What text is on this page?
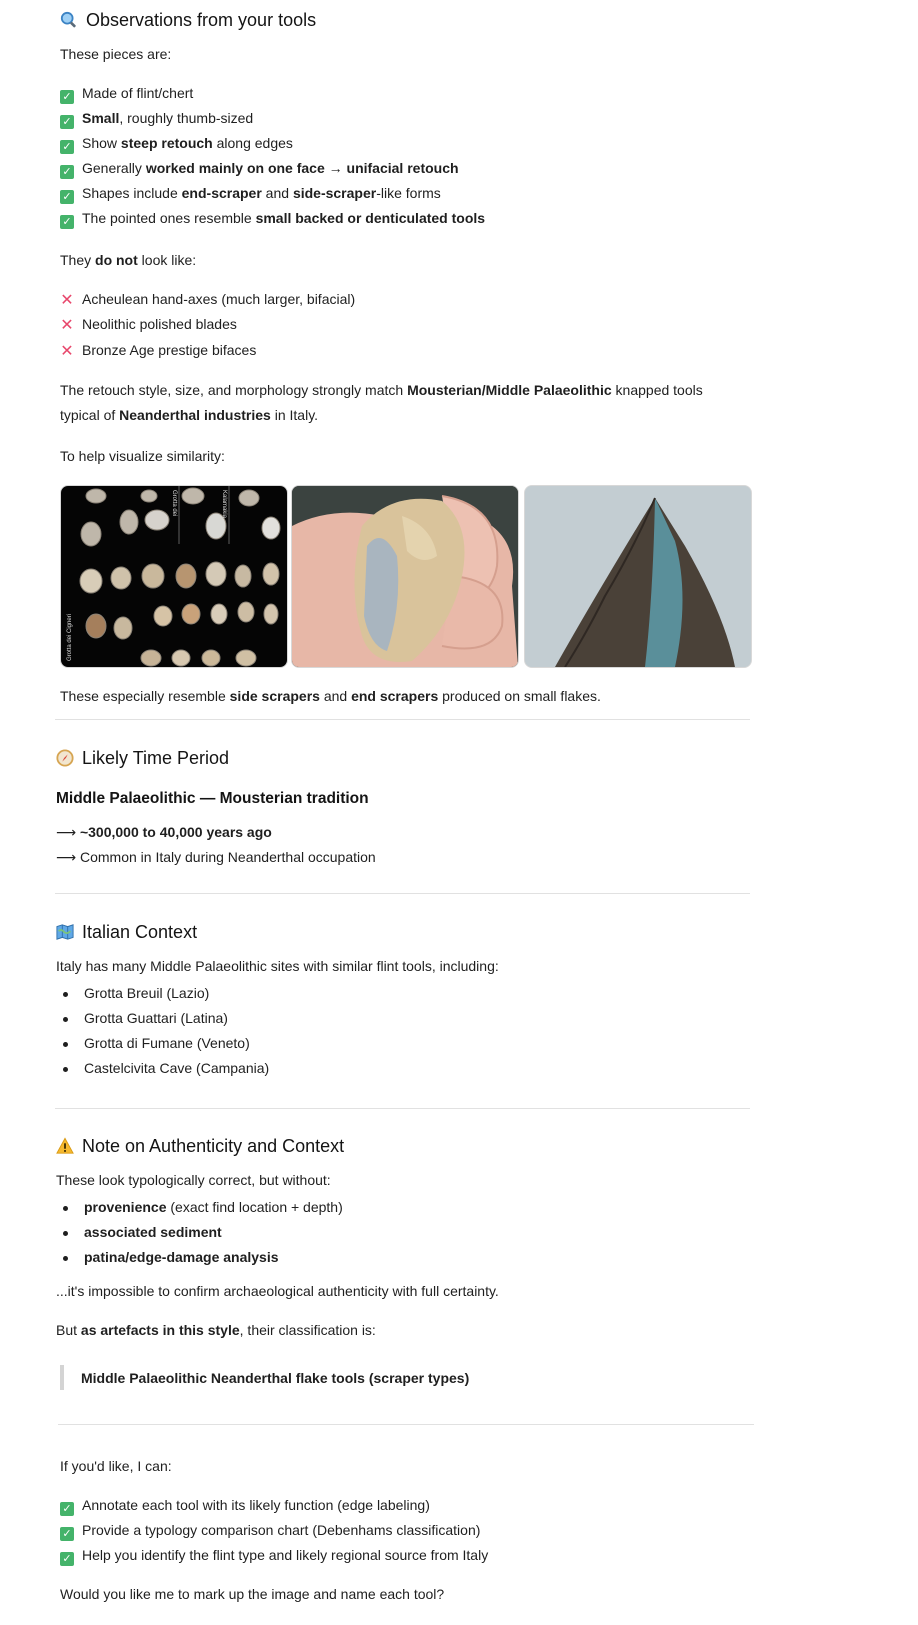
Observations from your tools
These pieces are:
✓ Made of flint/chert
✓ Small, roughly thumb-sized
✓ Show steep retouch along edges
✓ Generally worked mainly on one face → unifacial retouch
✓ Shapes include end-scraper and side-scraper-like forms
✓ The pointed ones resemble small backed or denticulated tools
They do not look like:
✕ Acheulean hand-axes (much larger, bifacial)
✕ Neolithic polished blades
✕ Bronze Age prestige bifaces
The retouch style, size, and morphology strongly match Mousterian/Middle Palaeolithic knapped tools
typical of Neanderthal industries in Italy.
To help visualize similarity:
Grotta dei	Kalamakia
Grotta dei Cigneri
These especially resemble side scrapers and end scrapers produced on small flakes.
Likely Time Period
Middle Palaeolithic — Mousterian tradition
⟶ ~300,000 to 40,000 years ago
⟶ Common in Italy during Neanderthal occupation
Italian Context
Italy has many Middle Palaeolithic sites with similar flint tools, including:
Grotta Breuil (Lazio)
Grotta Guattari (Latina)
Grotta di Fumane (Veneto)
Castelcivita Cave (Campania)
Note on Authenticity and Context
These look typologically correct, but without:
provenience (exact find location + depth)
associated sediment
patina/edge-damage analysis
...it's impossible to confirm archaeological authenticity with full certainty.
But as artefacts in this style, their classification is:
Middle Palaeolithic Neanderthal flake tools (scraper types)
If you'd like, I can:
✓ Annotate each tool with its likely function (edge labeling)
✓ Provide a typology comparison chart (Debenhams classification)
✓ Help you identify the flint type and likely regional source from Italy
Would you like me to mark up the image and name each tool?
